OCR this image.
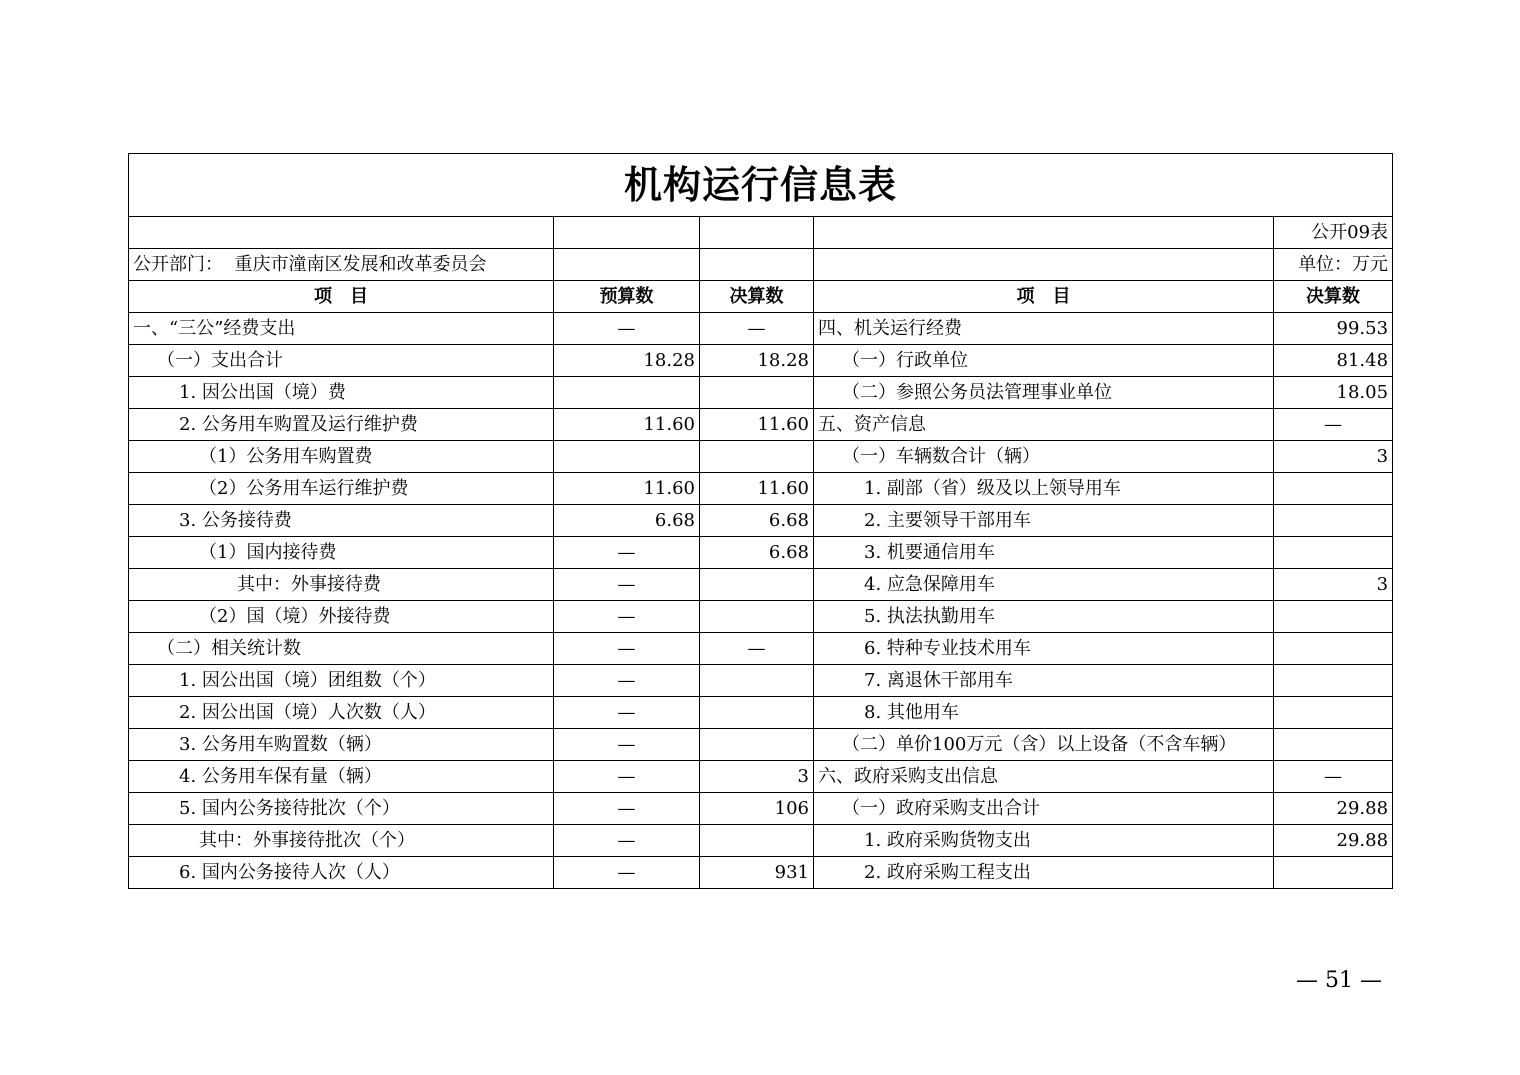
机构运行信息表				
				公开09表
公开部门： 重庆市潼南区发展和改革委员会				单位：万元
项　目	预算数	决算数	项　目	决算数
一、“三公”经费支出	—	—	四、机关运行经费	99.53
（一）支出合计	18.28	18.28	（一）行政单位	81.48
1. 因公出国（境）费			（二）参照公务员法管理事业单位	18.05
2. 公务用车购置及运行维护费	11.60	11.60	五、资产信息	—
（1）公务用车购置费			（一）车辆数合计（辆）	3
（2）公务用车运行维护费	11.60	11.60	1. 副部（省）级及以上领导用车	
3. 公务接待费	6.68	6.68	2. 主要领导干部用车	
（1）国内接待费	—	6.68	3. 机要通信用车	
其中：外事接待费	—		4. 应急保障用车	3
（2）国（境）外接待费	—		5. 执法执勤用车	
（二）相关统计数	—	—	6. 特种专业技术用车	
1. 因公出国（境）团组数（个）	—		7. 离退休干部用车	
2. 因公出国（境）人次数（人）	—		8. 其他用车	
3. 公务用车购置数（辆）	—		（二）单价100万元（含）以上设备（不含车辆）	
4. 公务用车保有量（辆）	—	3	六、政府采购支出信息	—
5. 国内公务接待批次（个）	—	106	（一）政府采购支出合计	29.88
其中：外事接待批次（个）	—		1. 政府采购货物支出	29.88
6. 国内公务接待人次（人）	—	931	2. 政府采购工程支出	
— 51 —
